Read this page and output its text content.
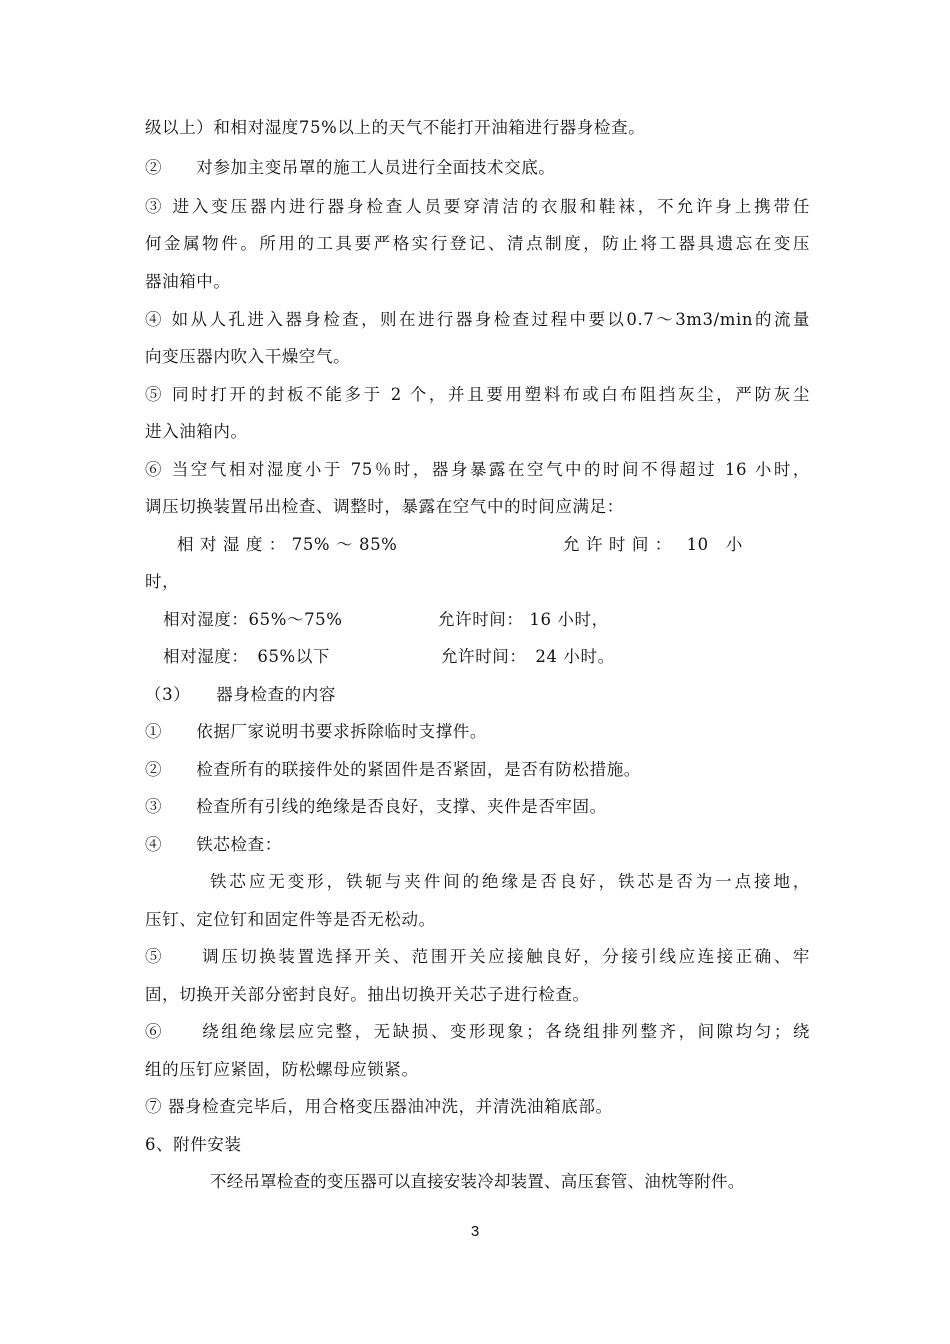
级以上）和相对湿度75%以上的天气不能打开油箱进行器身检查。
②　　对参加主变吊罩的施工人员进行全面技术交底。
③ 进入变压器内进行器身检查人员要穿清洁的衣服和鞋袜，不允许身上携带任
何金属物件。所用的工具要严格实行登记、清点制度，防止将工器具遗忘在变压
器油箱中。
④ 如从人孔进入器身检查，则在进行器身检查过程中要以0.7～3m3/min的流量
向变压器内吹入干燥空气。
⑤ 同时打开的封板不能多于 2 个，并且要用塑料布或白布阻挡灰尘，严防灰尘
进入油箱内。
⑥ 当空气相对湿度小于 75％时，器身暴露在空气中的时间不得超过 16 小时，
调压切换装置吊出检查、调整时，暴露在空气中的时间应满足：
相 对 湿 度 ： 75% ～ 85%	允 许 时 间 ：　 10　小
时，
相对湿度：65%～75%	允许时间： 16 小时，
相对湿度：　65%以下	允许时间：　24 小时。
（3）　　器身检查的内容
①　　依据厂家说明书要求拆除临时支撑件。
②　　检查所有的联接件处的紧固件是否紧固，是否有防松措施。
③　　检查所有引线的绝缘是否良好，支撑、夹件是否牢固。
④　　铁芯检查：
铁芯应无变形，铁轭与夹件间的绝缘是否良好，铁芯是否为一点接地，
压钉、定位钉和固定件等是否无松动。
⑤　　调压切换装置选择开关、范围开关应接触良好，分接引线应连接正确、牢
固，切换开关部分密封良好。抽出切换开关芯子进行检查。
⑥　　绕组绝缘层应完整，无缺损、变形现象；各绕组排列整齐，间隙均匀；绕
组的压钉应紧固，防松螺母应锁紧。
⑦ 器身检查完毕后，用合格变压器油冲洗，并清洗油箱底部。
6、附件安装
不经吊罩检查的变压器可以直接安装冷却装置、高压套管、油枕等附件。
3
